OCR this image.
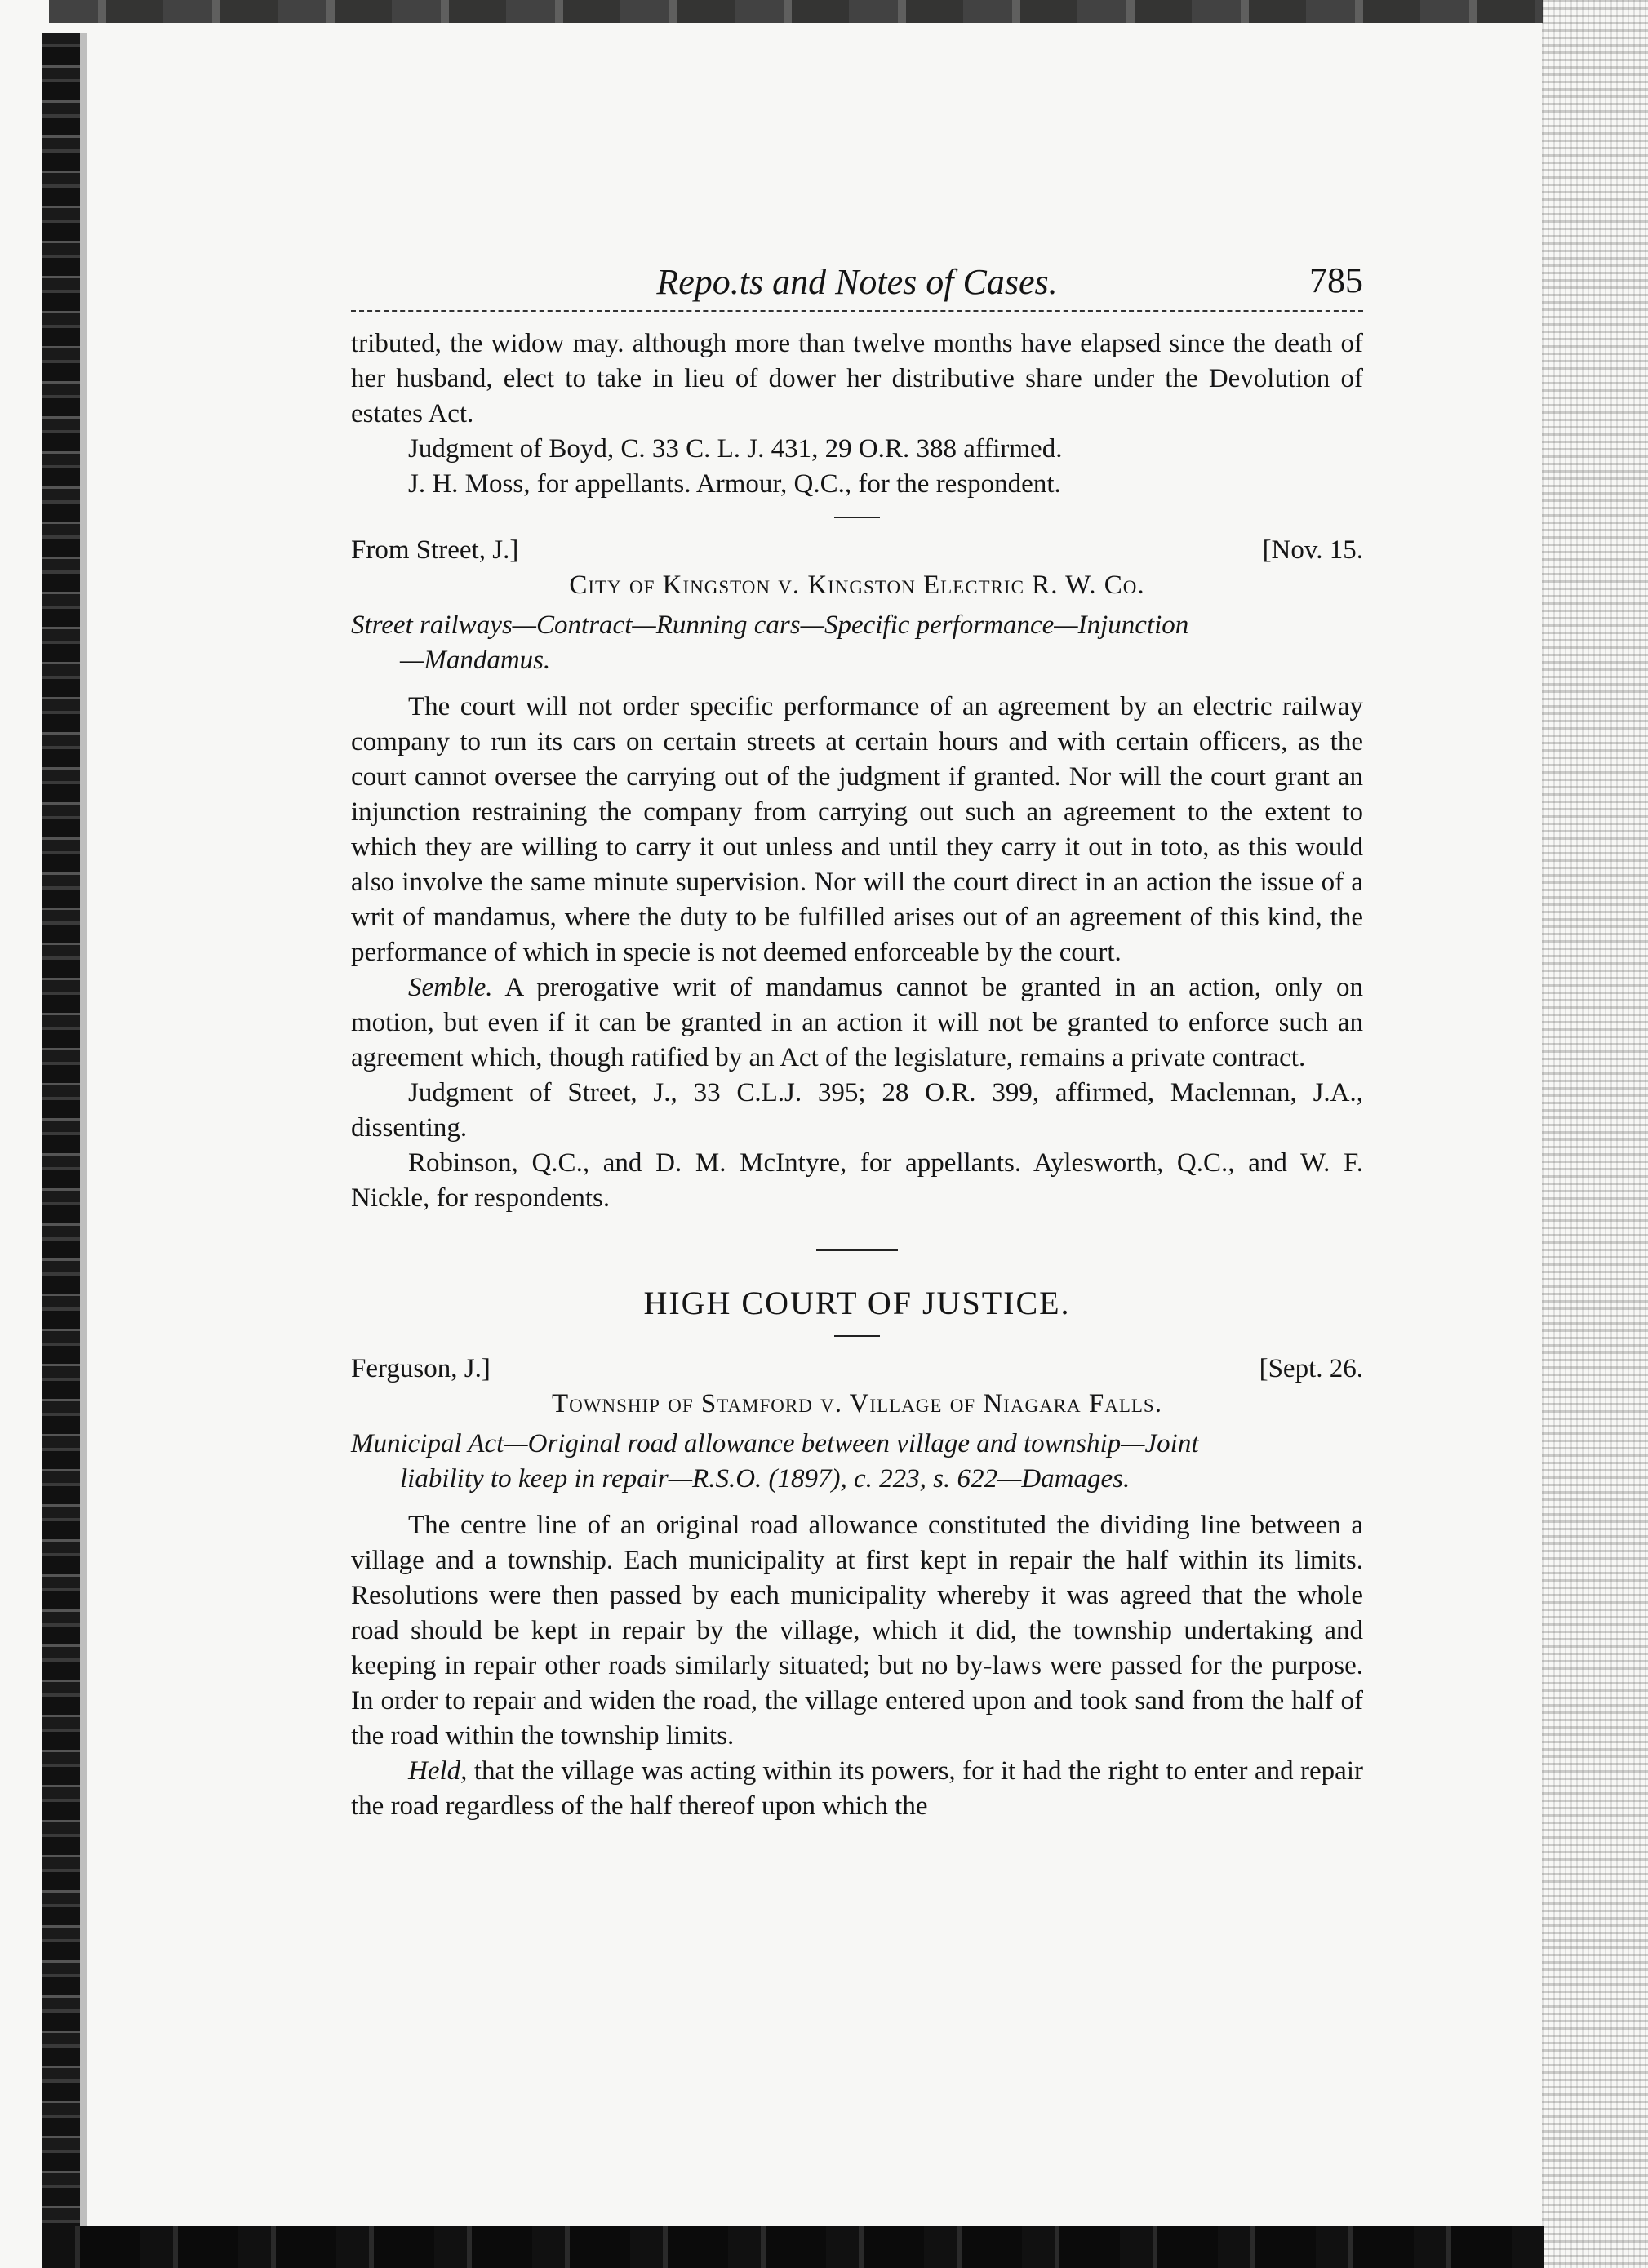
Repo.ts and Notes of Cases.	785

tributed, the widow may. although more than twelve months have elapsed since the death of her husband, elect to take in lieu of dower her distributive share under the Devolution of estates Act.

Judgment of Boyd, C. 33 C. L. J. 431, 29 O.R. 388 affirmed.

J. H. Moss, for appellants. Armour, Q.C., for the respondent.

From Street, J.]	[Nov. 15.

City of Kingston v. Kingston Electric R. W. Co.

Street railways—Contract—Running cars—Specific performance—Injunction
—Mandamus.

The court will not order specific performance of an agreement by an electric railway company to run its cars on certain streets at certain hours and with certain officers, as the court cannot oversee the carrying out of the judgment if granted. Nor will the court grant an injunction restraining the company from carrying out such an agreement to the extent to which they are willing to carry it out unless and until they carry it out in toto, as this would also involve the same minute supervision. Nor will the court direct in an action the issue of a writ of mandamus, where the duty to be fulfilled arises out of an agreement of this kind, the performance of which in specie is not deemed enforceable by the court.

Semble. A prerogative writ of mandamus cannot be granted in an action, only on motion, but even if it can be granted in an action it will not be granted to enforce such an agreement which, though ratified by an Act of the legislature, remains a private contract.

Judgment of Street, J., 33 C.L.J. 395; 28 O.R. 399, affirmed, Maclennan, J.A., dissenting.

Robinson, Q.C., and D. M. McIntyre, for appellants. Aylesworth, Q.C., and W. F. Nickle, for respondents.

HIGH COURT OF JUSTICE.

Ferguson, J.]	[Sept. 26.

Township of Stamford v. Village of Niagara Falls.

Municipal Act—Original road allowance between village and township—Joint
liability to keep in repair—R.S.O. (1897), c. 223, s. 622—Damages.

The centre line of an original road allowance constituted the dividing line between a village and a township. Each municipality at first kept in repair the half within its limits. Resolutions were then passed by each municipality whereby it was agreed that the whole road should be kept in repair by the village, which it did, the township undertaking and keeping in repair other roads similarly situated; but no by-laws were passed for the purpose. In order to repair and widen the road, the village entered upon and took sand from the half of the road within the township limits.

Held, that the village was acting within its powers, for it had the right to enter and repair the road regardless of the half thereof upon which the
